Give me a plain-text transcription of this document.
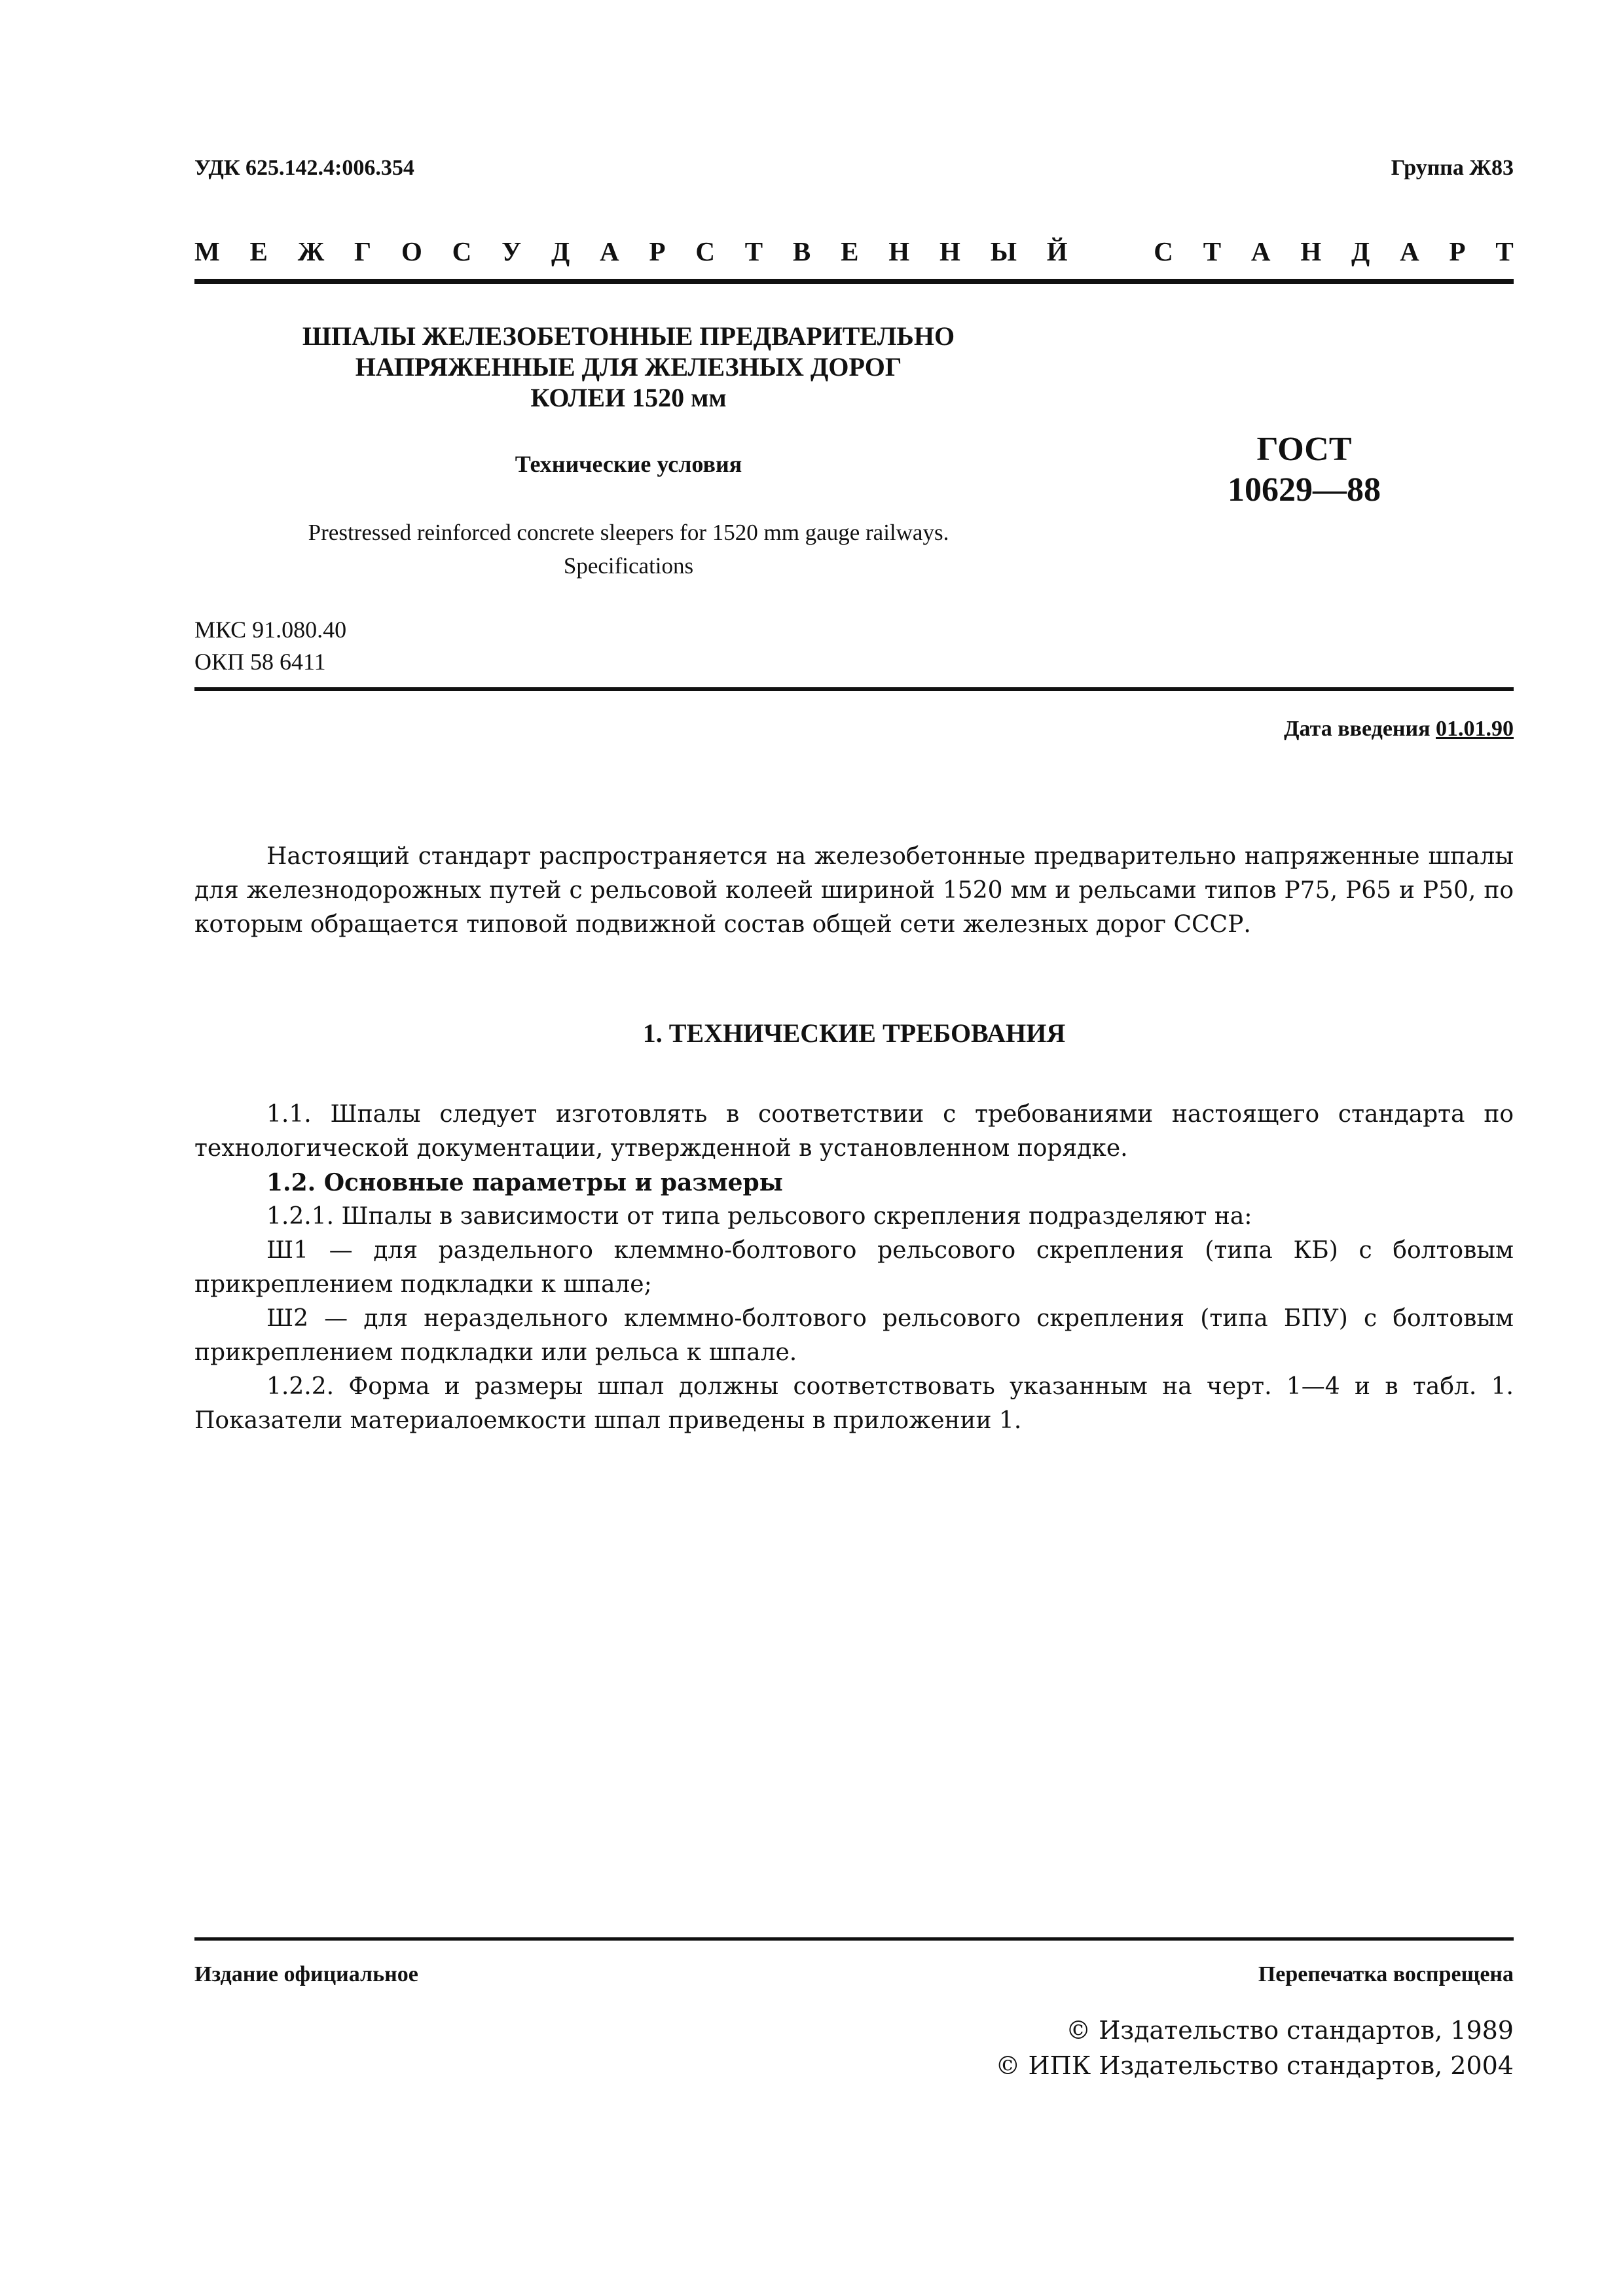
УДК 625.142.4:006.354	Группа Ж83
М Е Ж Г О С У Д А Р С Т В Е Н Н Ы Й	С Т А Н Д А Р Т
ШПАЛЫ ЖЕЛЕЗОБЕТОННЫЕ ПРЕДВАРИТЕЛЬНО
НАПРЯЖЕННЫЕ ДЛЯ ЖЕЛЕЗНЫХ ДОРОГ
КОЛЕИ 1520 мм
Технические условия	ГОСТ
10629—88
Prestressed reinforced concrete sleepers for 1520 mm gauge railways.
Specifications
МКС 91.080.40
ОКП 58 6411
Дата введения 01.01.90

Настоящий стандарт распространяется на железобетонные предварительно напряженные шпалы для железнодорожных путей с рельсовой колеей шириной 1520 мм и рельсами типов Р75, Р65 и Р50, по которым обращается типовой подвижной состав общей сети железных дорог СССР.

1. ТЕХНИЧЕСКИЕ ТРЕБОВАНИЯ

1.1. Шпалы следует изготовлять в соответствии с требованиями настоящего стандарта по технологической документации, утвержденной в установленном порядке.

1.2. Основные параметры и размеры

1.2.1. Шпалы в зависимости от типа рельсового скрепления подразделяют на:

Ш1 — для раздельного клеммно-болтового рельсового скрепления (типа КБ) с болтовым прикреплением подкладки к шпале;

Ш2 — для нераздельного клеммно-болтового рельсового скрепления (типа БПУ) с болтовым прикреплением подкладки или рельса к шпале.

1.2.2. Форма и размеры шпал должны соответствовать указанным на черт. 1—4 и в табл. 1. Показатели материалоемкости шпал приведены в приложении 1.

Издание официальное	Перепечатка воспрещена
© Издательство стандартов, 1989
© ИПК Издательство стандартов, 2004
